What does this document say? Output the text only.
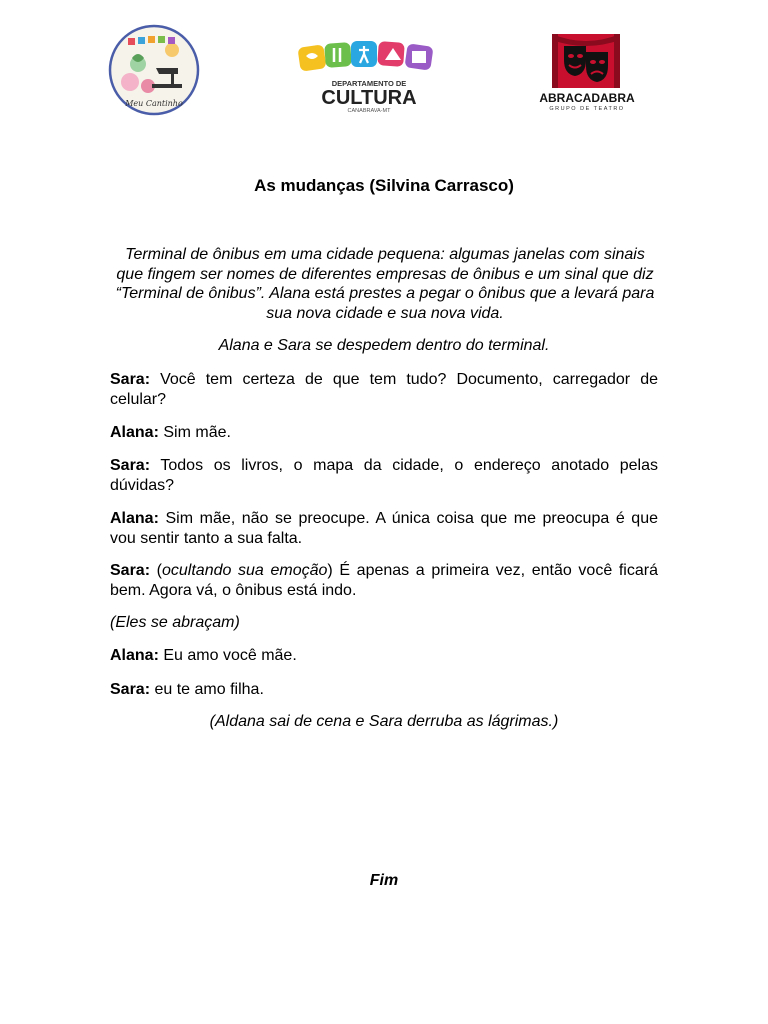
Meu Cantinho
DEPARTAMENTO DE
CULTURA
CANABRAVA-MT
ABRACADABRA
GRUPO DE TEATRO
As mudanças (Silvina Carrasco)
Terminal de ônibus em uma cidade pequena: algumas janelas com sinais que fingem ser nomes de diferentes empresas de ônibus e um sinal que diz “Terminal de ônibus”. Alana está prestes a pegar o ônibus que a levará para sua nova cidade e sua nova vida.
Alana e Sara se despedem dentro do terminal.
Sara: Você tem certeza de que tem tudo? Documento, carregador de celular?
Alana: Sim mãe.
Sara: Todos os livros, o mapa da cidade, o endereço anotado pelas dúvidas?
Alana: Sim mãe, não se preocupe. A única coisa que me preocupa é que vou sentir tanto a sua falta.
Sara: (ocultando sua emoção) É apenas a primeira vez, então você ficará bem. Agora vá, o ônibus está indo.
(Eles se abraçam)
Alana: Eu amo você mãe.
Sara: eu te amo filha.
(Aldana sai de cena e Sara derruba as lágrimas.)
Fim
